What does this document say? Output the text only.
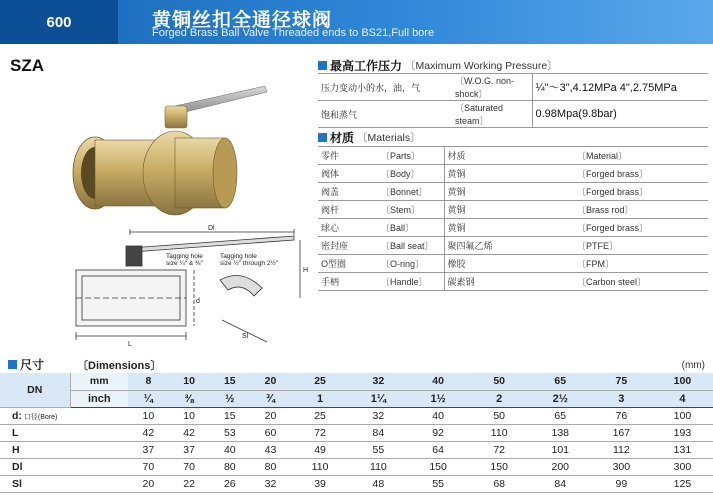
600	黄铜丝扣全通径球阀
Forged Brass Ball Valve Threaded ends to BS21,Full bore
SZA
Dl
H
d
L
Sl
Tagging hole
size ¼" & ⅜"
Tagging hole
size ½" through 2½"
最高工作压力 〔Maximum Working Pressure〕
压力变动小的水，油，气	〔W.O.G. non-shock〕	¼"～3",4.12MPa 4",2.75MPa
饱和蒸气	〔Saturated steam〕	0.98Mpa(9.8bar)
材质 〔Materials〕
零件	〔Parts〕	材质	〔Material〕
阀体	〔Body〕	黄铜	〔Forged brass〕
阀盖	〔Bonnet〕	黄铜	〔Forged brass〕
阀杆	〔Stem〕	黄铜	〔Brass rod〕
球心	〔Ball〕	黄铜	〔Forged brass〕
密封座	〔Ball seat〕	聚四氟乙烯	〔PTFE〕
O型圈	〔O-ring〕	橡胶	〔FPM〕
手柄	〔Handle〕	碳素钢	〔Carbon steel〕
尺寸	〔Dimensions〕	(mm)
DN	mm	8	10	15	20	25	32	40	50	65	75	100
	inch	¼	⅜	½	¾	1	1¼	1½	2	2½	3	4
d: 口径(Bore)		10	10	15	20	25	32	40	50	65	76	100
L		42	42	53	60	72	84	92	110	138	167	193
H		37	37	40	43	49	55	64	72	101	112	131
Dl		70	70	80	80	110	110	150	150	200	300	300
Sl		20	22	26	32	39	48	55	68	84	99	125
